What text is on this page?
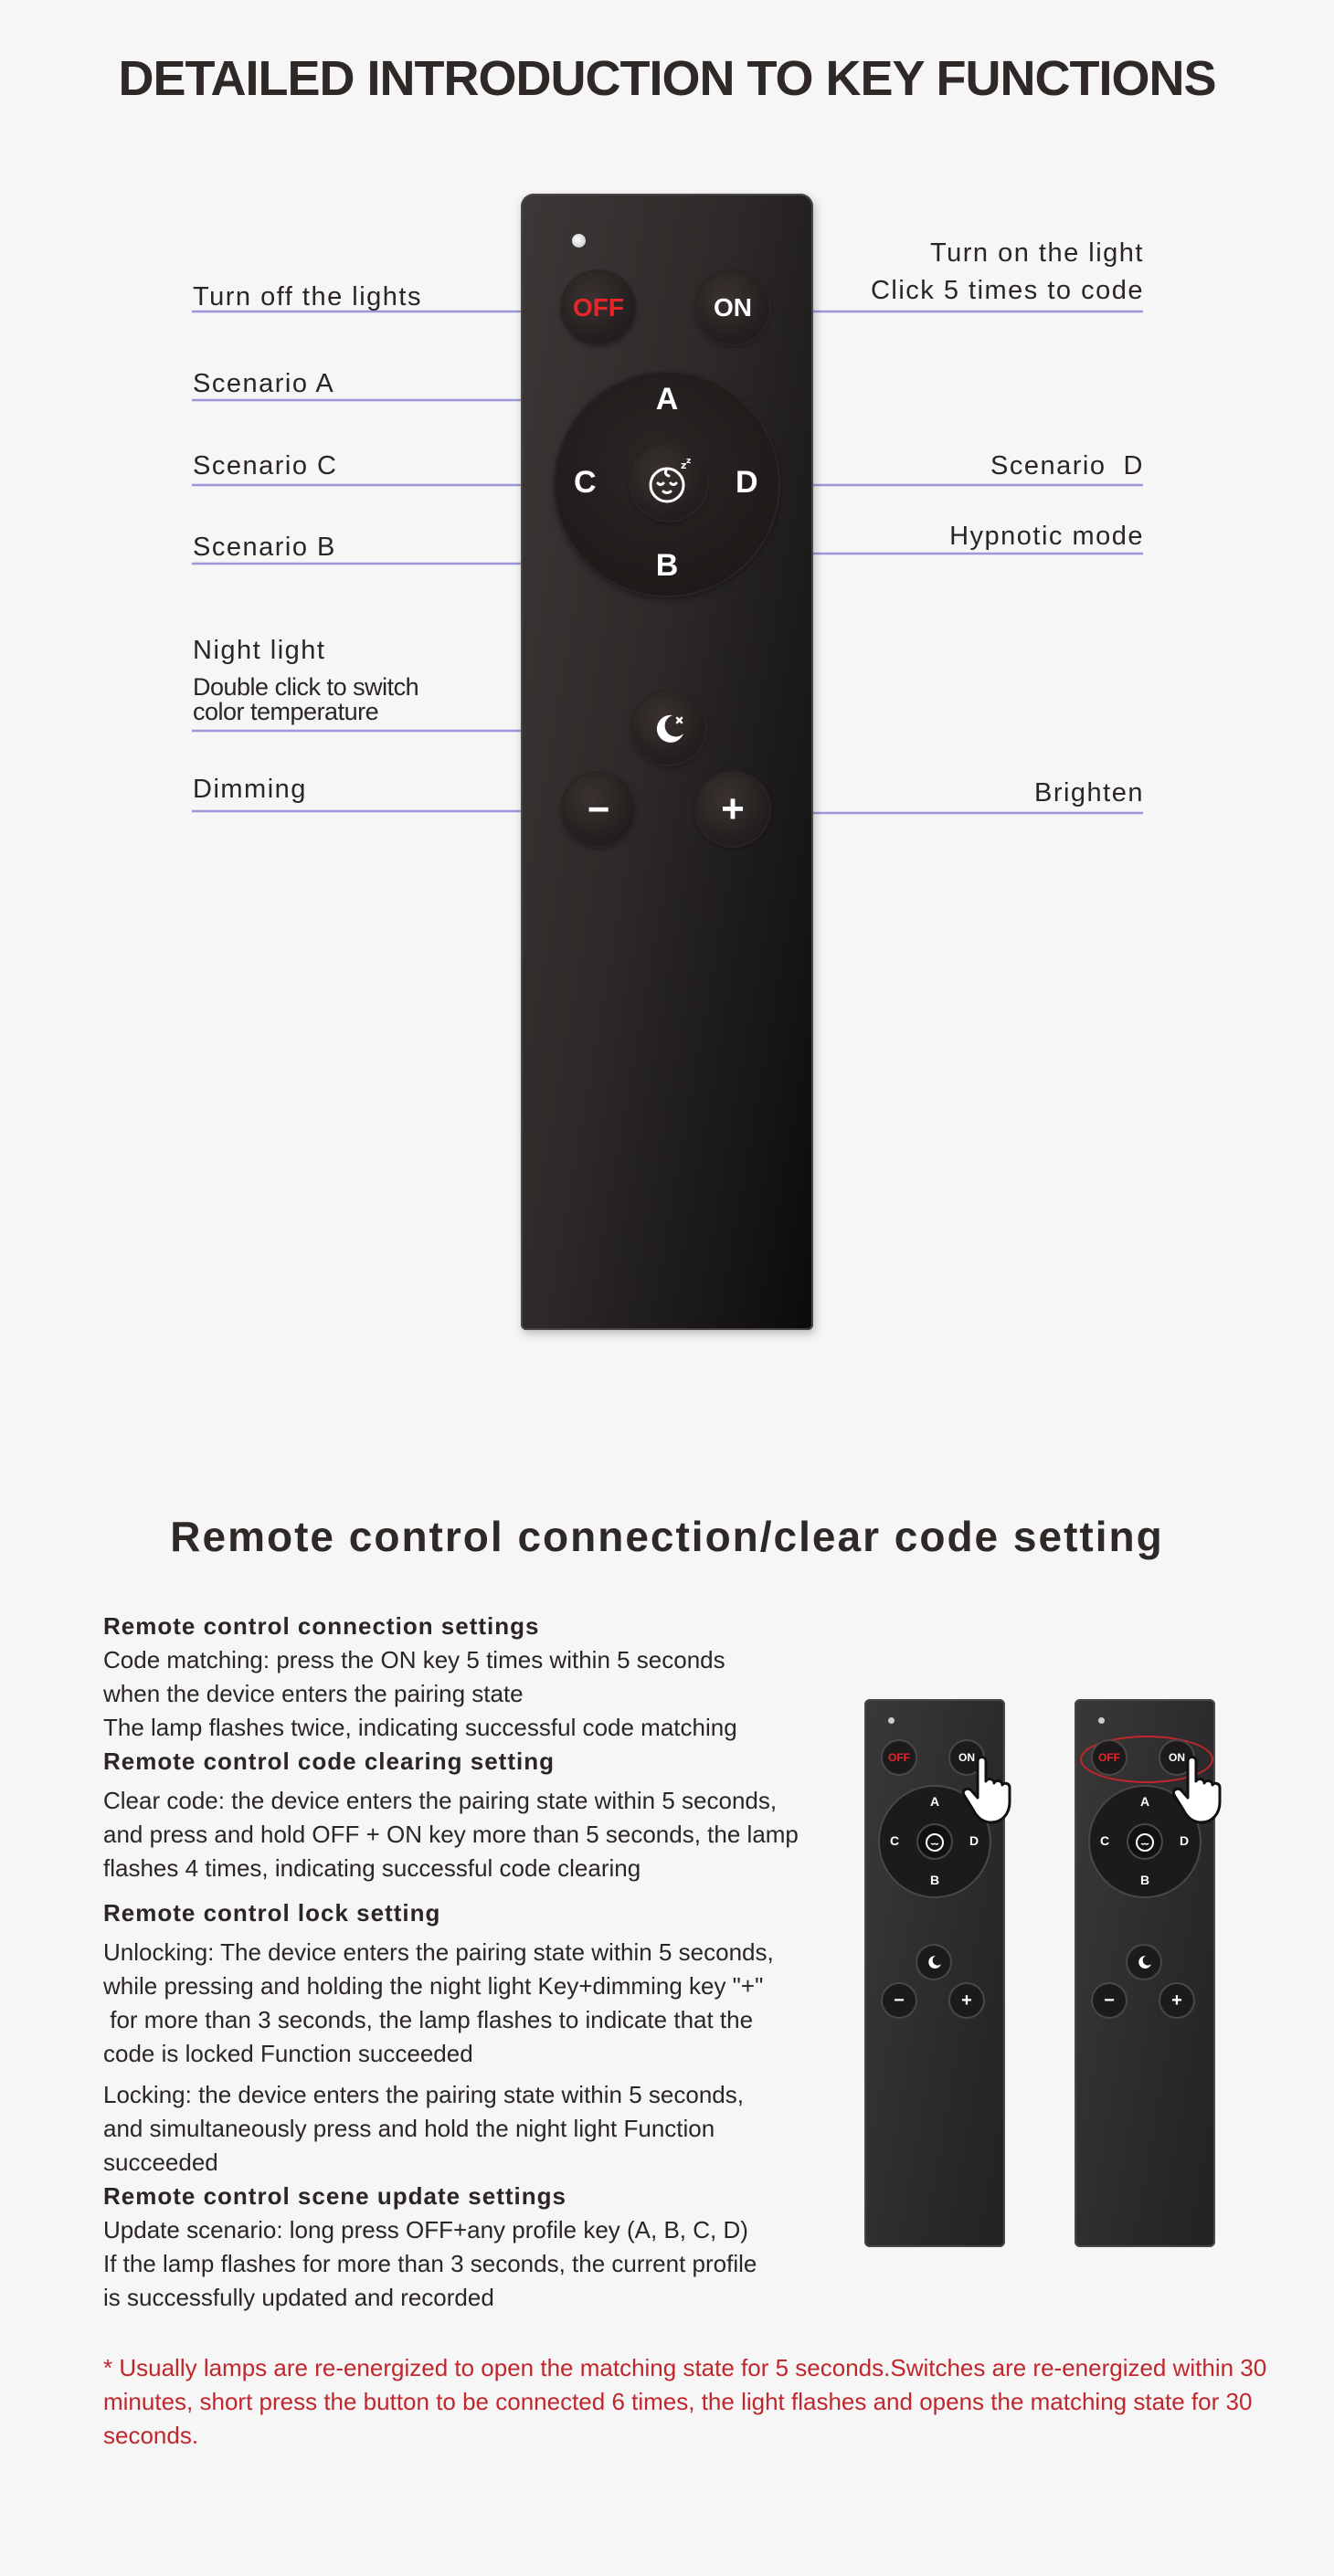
DETAILED INTRODUCTION TO KEY FUNCTIONS
Remote control connection/clear code setting
OFF	ON
A
B
C	D
z z
−	+
Turn off the lights
Turn on the light
Click 5 times to code
Scenario A
Scenario C
Scenario B
Scenario  D
Hypnotic mode
Night light
Double click to switch
color temperature
Dimming	Brighten
Remote control connection settings
Code matching: press the ON key 5 times within 5 seconds
when the device enters the pairing state
The lamp flashes twice, indicating successful code matching
Remote control code clearing setting
Clear code: the device enters the pairing state within 5 seconds,
and press and hold OFF + ON key more than 5 seconds, the lamp
flashes 4 times, indicating successful code clearing
Remote control lock setting
Unlocking: The device enters the pairing state within 5 seconds,
while pressing and holding the night light Key+dimming key "+"
for more than 3 seconds, the lamp flashes to indicate that the
code is locked Function succeeded
Locking: the device enters the pairing state within 5 seconds,
and simultaneously press and hold the night light Function
succeeded
Remote control scene update settings
Update scenario: long press OFF+any profile key (A, B, C, D)
If the lamp flashes for more than 3 seconds, the current profile
is successfully updated and recorded
* Usually lamps are re-energized to open the matching state for 5 seconds.Switches are re-energized within 30 minutes, short press the button to be connected 6 times, the light flashes and opens the matching state for 30 seconds.
OFF	ON
A
B
C	D
−	+
OFF	ON
A
B
C	D
−	+
